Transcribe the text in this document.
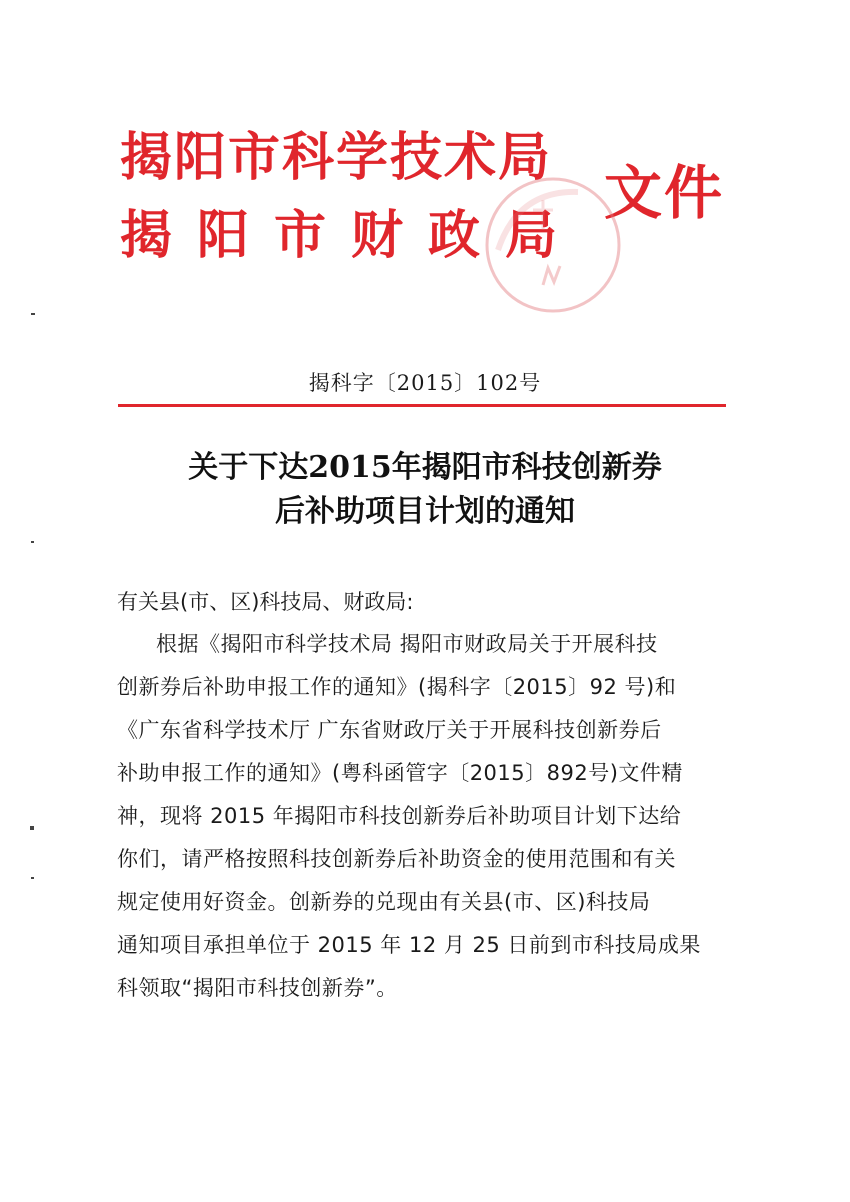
揭阳市科学技术局
揭阳市财政局
文件
揭科字〔2015〕102号
关于下达2015年揭阳市科技创新券
后补助项目计划的通知
有关县(市、区)科技局、财政局:
根据《揭阳市科学技术局 揭阳市财政局关于开展科技
创新券后补助申报工作的通知》(揭科字〔2015〕92 号)和
《广东省科学技术厅 广东省财政厅关于开展科技创新券后
补助申报工作的通知》(粤科函管字〔2015〕892号)文件精
神，现将 2015 年揭阳市科技创新券后补助项目计划下达给
你们，请严格按照科技创新券后补助资金的使用范围和有关
规定使用好资金。创新券的兑现由有关县(市、区)科技局
通知项目承担单位于 2015 年 12 月 25 日前到市科技局成果
科领取“揭阳市科技创新券”。
